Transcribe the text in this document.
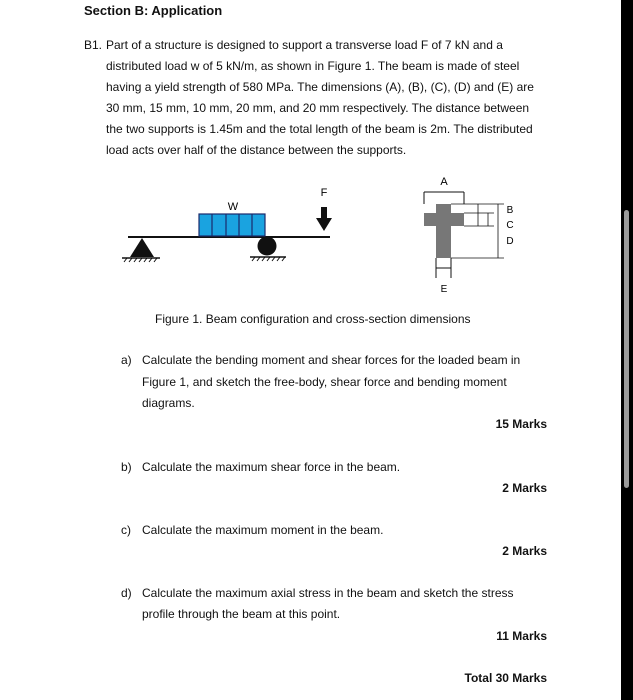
Section B: Application
B1. Part of a structure is designed to support a transverse load F of 7 kN and a
distributed load w of 5 kN/m, as shown in Figure 1. The beam is made of steel
having a yield strength of 580 MPa. The dimensions (A), (B), (C), (D) and (E) are
30 mm, 15 mm, 10 mm, 20 mm, and 20 mm respectively. The distance between
the two supports is 1.45m and the total length of the beam is 2m. The distributed
load acts over half of the distance between the supports.
W
F
A
B
C
D
E
Figure 1. Beam configuration and cross-section dimensions
a) Calculate the bending moment and shear forces for the loaded beam in
Figure 1, and sketch the free-body, shear force and bending moment
diagrams.
15 Marks
b) Calculate the maximum shear force in the beam.
2 Marks
c) Calculate the maximum moment in the beam.
2 Marks
d) Calculate the maximum axial stress in the beam and sketch the stress
profile through the beam at this point.
11 Marks
Total 30 Marks
